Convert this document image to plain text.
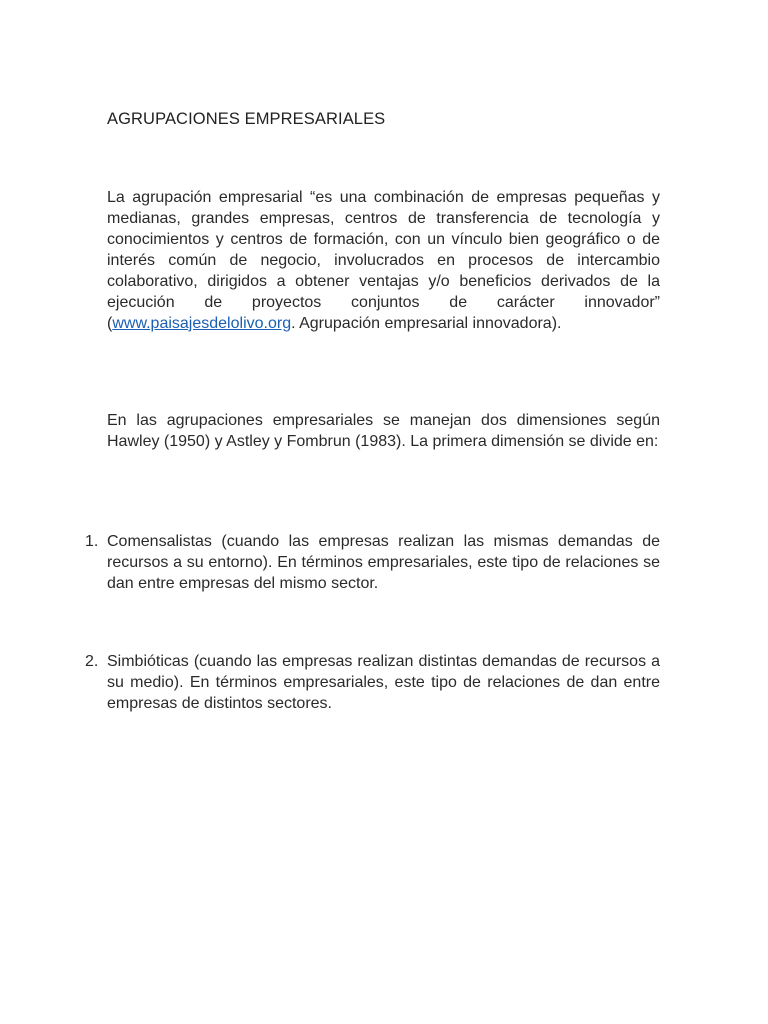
AGRUPACIONES EMPRESARIALES
La agrupación empresarial “es una combinación de empresas pequeñas y medianas, grandes empresas, centros de transferencia de tecnología y conocimientos y centros de formación, con un vínculo bien geográfico o de interés común de negocio, involucrados en procesos de intercambio colaborativo, dirigidos a obtener ventajas y/o beneficios derivados de la ejecución de proyectos conjuntos de carácter innovador” (www.paisajesdelolivo.org. Agrupación empresarial innovadora).
En las agrupaciones empresariales se manejan dos dimensiones según Hawley (1950) y Astley y Fombrun (1983). La primera dimensión se divide en:
1. Comensalistas (cuando las empresas realizan las mismas demandas de recursos a su entorno). En términos empresariales, este tipo de relaciones se dan entre empresas del mismo sector.
2. Simbióticas (cuando las empresas realizan distintas demandas de recursos a su medio). En términos empresariales, este tipo de relaciones de dan entre empresas de distintos sectores.
